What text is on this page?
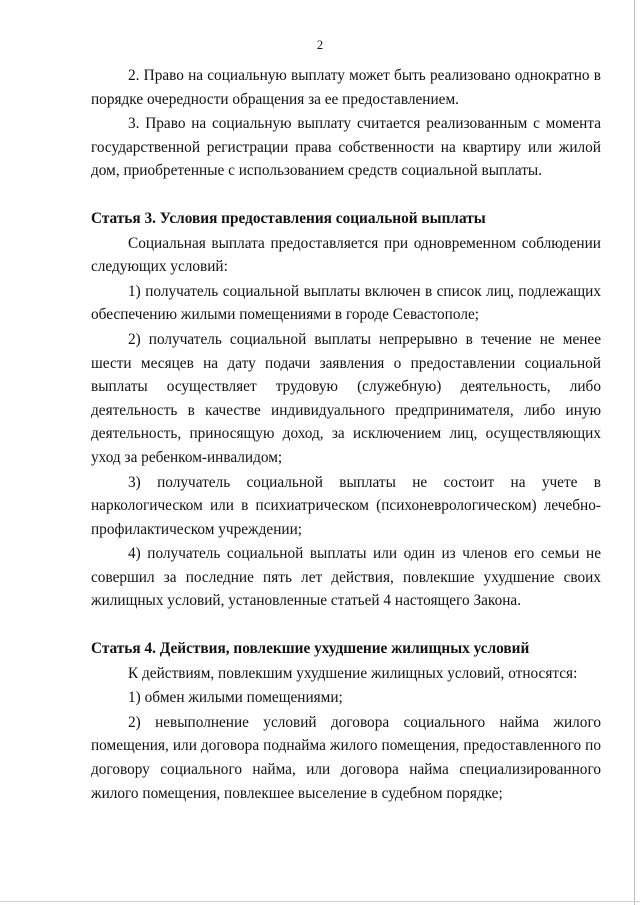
2

2. Право на социальную выплату может быть реализовано однократно в порядке очередности обращения за ее предоставлением.

3. Право на социальную выплату считается реализованным с момента государственной регистрации права собственности на квартиру или жилой дом, приобретенные с использованием средств социальной выплаты.

Статья 3. Условия предоставления социальной выплаты

Социальная выплата предоставляется при одновременном соблюдении следующих условий:

1) получатель социальной выплаты включен в список лиц, подлежащих обеспечению жилыми помещениями в городе Севастополе;

2) получатель социальной выплаты непрерывно в течение не менее шести месяцев на дату подачи заявления о предоставлении социальной выплаты осуществляет трудовую (служебную) деятельность, либо деятельность в качестве индивидуального предпринимателя, либо иную деятельность, приносящую доход, за исключением лиц, осуществляющих уход за ребенком-инвалидом;

3) получатель социальной выплаты не состоит на учете в наркологическом или в психиатрическом (психоневрологическом) лечебно-профилактическом учреждении;

4) получатель социальной выплаты или один из членов его семьи не совершил за последние пять лет действия, повлекшие ухудшение своих жилищных условий, установленные статьей 4 настоящего Закона.

Статья 4. Действия, повлекшие ухудшение жилищных условий

К действиям, повлекшим ухудшение жилищных условий, относятся:

1) обмен жилыми помещениями;

2) невыполнение условий договора социального найма жилого помещения, или договора поднайма жилого помещения, предоставленного по договору социального найма, или договора найма специализированного жилого помещения, повлекшее выселение в судебном порядке;
